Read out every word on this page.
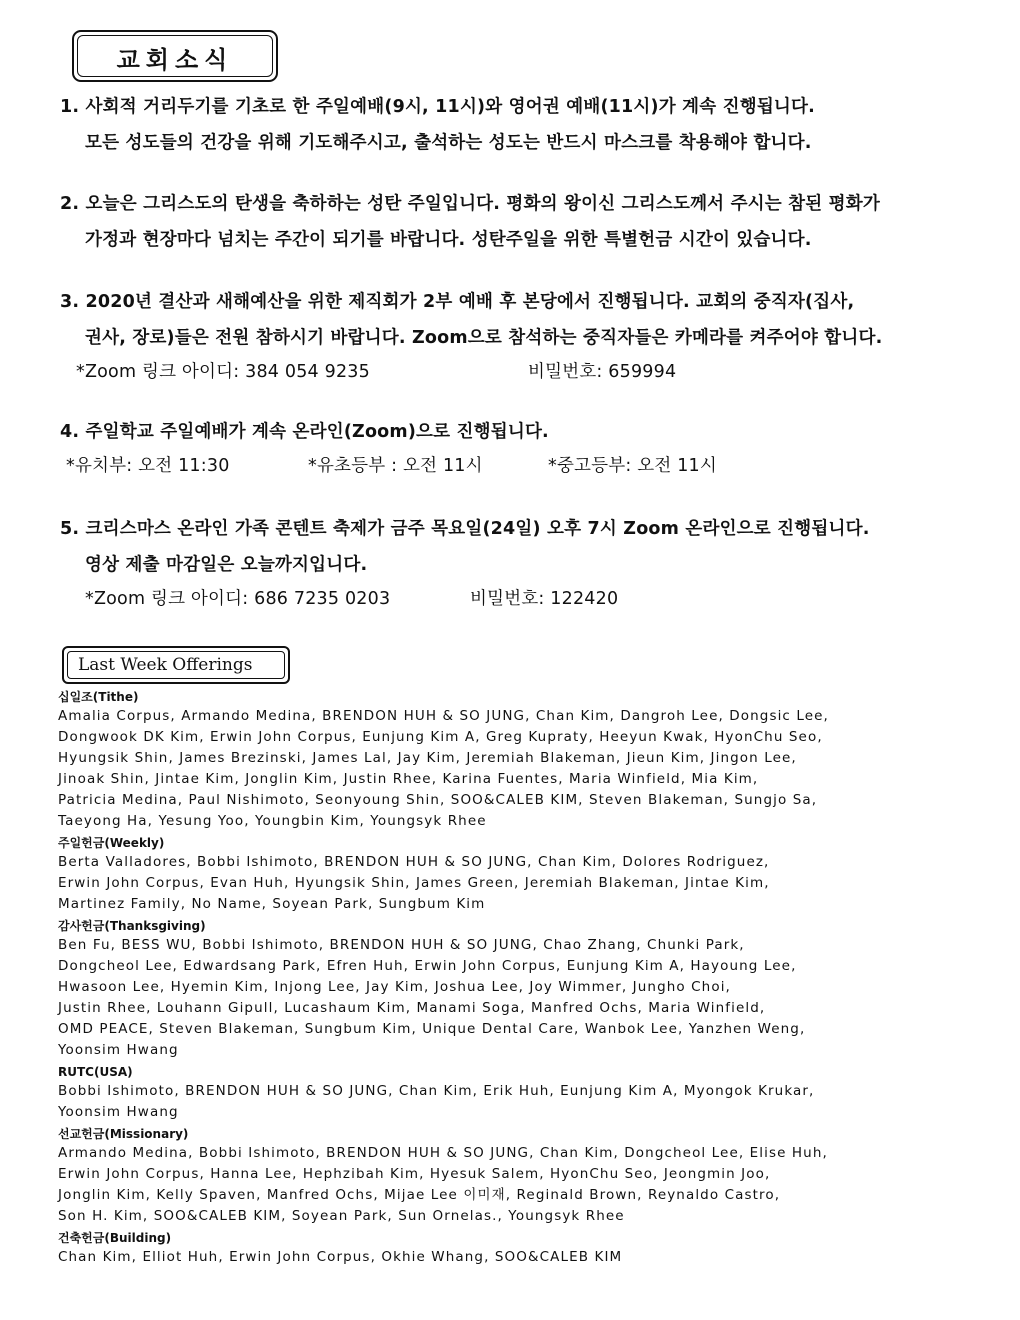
교회소식
1. 사회적 거리두기를 기초로 한 주일예배(9시, 11시)와 영어권 예배(11시)가 계속 진행됩니다.
모든 성도들의 건강을 위해 기도해주시고, 출석하는 성도는 반드시 마스크를 착용해야 합니다.
2. 오늘은 그리스도의 탄생을 축하하는 성탄 주일입니다. 평화의 왕이신 그리스도께서 주시는 참된 평화가
가정과 현장마다 넘치는 주간이 되기를 바랍니다. 성탄주일을 위한 특별헌금 시간이 있습니다.
3. 2020년 결산과 새해예산을 위한 제직회가 2부 예배 후 본당에서 진행됩니다. 교회의 중직자(집사,
권사, 장로)들은 전원 참하시기 바랍니다. Zoom으로 참석하는 중직자들은 카메라를 켜주어야 합니다.
*Zoom 링크 아이디: 384 054 9235	비밀번호: 659994
4. 주일학교 주일예배가 계속 온라인(Zoom)으로 진행됩니다.
*유치부: 오전 11:30	*유초등부 : 오전 11시	*중고등부: 오전 11시
5. 크리스마스 온라인 가족 콘텐트 축제가 금주 목요일(24일) 오후 7시 Zoom 온라인으로 진행됩니다.
영상 제출 마감일은 오늘까지입니다.
*Zoom 링크 아이디: 686 7235 0203	비밀번호: 122420
Last Week Offerings
십일조(Tithe)
Amalia Corpus, Armando Medina, BRENDON HUH & SO JUNG, Chan Kim, Dangroh Lee, Dongsic Lee,
Dongwook DK Kim, Erwin John Corpus, Eunjung Kim A, Greg Kupraty, Heeyun Kwak, HyonChu Seo,
Hyungsik Shin, James Brezinski, James Lal, Jay Kim, Jeremiah Blakeman, Jieun Kim, Jingon Lee,
Jinoak Shin, Jintae Kim, Jonglin Kim, Justin Rhee, Karina Fuentes, Maria Winfield, Mia Kim,
Patricia Medina, Paul Nishimoto, Seonyoung Shin, SOO&CALEB KIM, Steven Blakeman, Sungjo Sa,
Taeyong Ha, Yesung Yoo, Youngbin Kim, Youngsyk Rhee
주일헌금(Weekly)
Berta Valladores, Bobbi Ishimoto, BRENDON HUH & SO JUNG, Chan Kim, Dolores Rodriguez,
Erwin John Corpus, Evan Huh, Hyungsik Shin, James Green, Jeremiah Blakeman, Jintae Kim,
Martinez Family, No Name, Soyean Park, Sungbum Kim
감사헌금(Thanksgiving)
Ben Fu, BESS WU, Bobbi Ishimoto, BRENDON HUH & SO JUNG, Chao Zhang, Chunki Park,
Dongcheol Lee, Edwardsang Park, Efren Huh, Erwin John Corpus, Eunjung Kim A, Hayoung Lee,
Hwasoon Lee, Hyemin Kim, Injong Lee, Jay Kim, Joshua Lee, Joy Wimmer, Jungho Choi,
Justin Rhee, Louhann Gipull, Lucashaum Kim, Manami Soga, Manfred Ochs, Maria Winfield,
OMD PEACE, Steven Blakeman, Sungbum Kim, Unique Dental Care, Wanbok Lee, Yanzhen Weng,
Yoonsim Hwang
RUTC(USA)
Bobbi Ishimoto, BRENDON HUH & SO JUNG, Chan Kim, Erik Huh, Eunjung Kim A, Myongok Krukar,
Yoonsim Hwang
선교헌금(Missionary)
Armando Medina, Bobbi Ishimoto, BRENDON HUH & SO JUNG, Chan Kim, Dongcheol Lee, Elise Huh,
Erwin John Corpus, Hanna Lee, Hephzibah Kim, Hyesuk Salem, HyonChu Seo, Jeongmin Joo,
Jonglin Kim, Kelly Spaven, Manfred Ochs, Mijae Lee 이미재, Reginald Brown, Reynaldo Castro,
Son H. Kim, SOO&CALEB KIM, Soyean Park, Sun Ornelas., Youngsyk Rhee
건축헌금(Building)
Chan Kim, Elliot Huh, Erwin John Corpus, Okhie Whang, SOO&CALEB KIM
